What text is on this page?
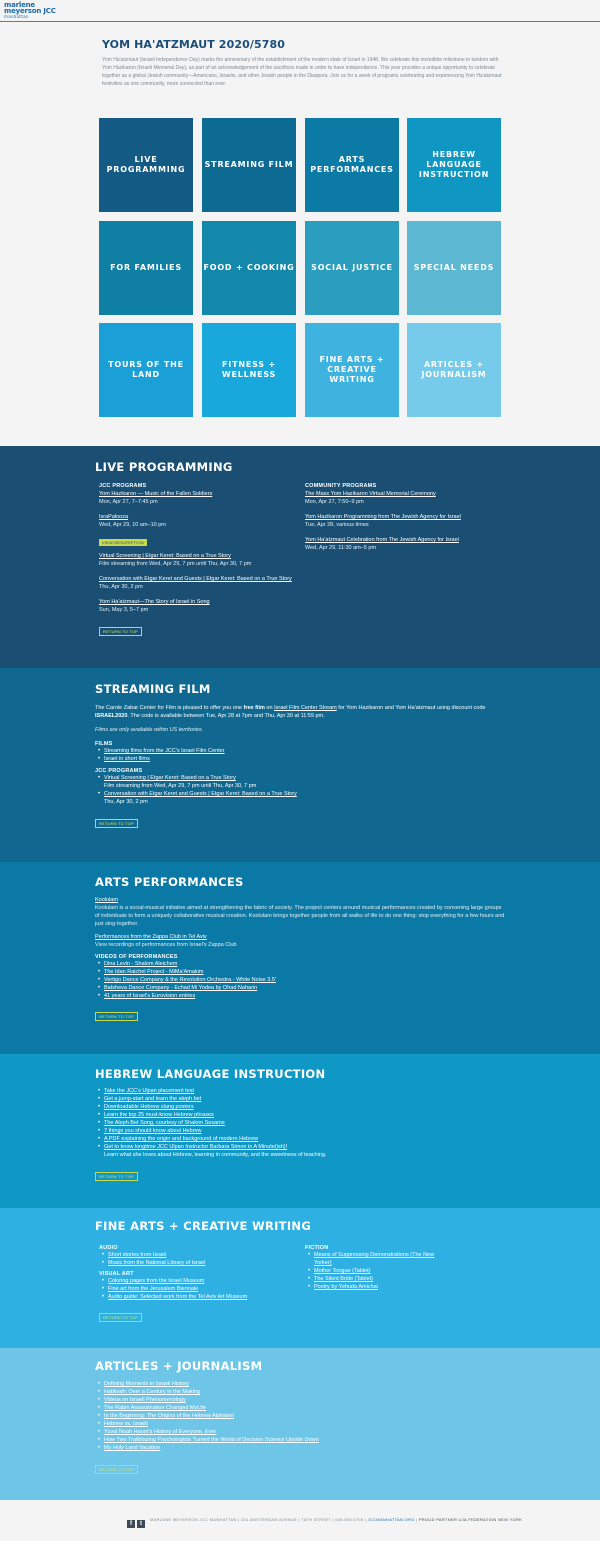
marlene
meyerson JCC
manhattan
YOM HA'ATZMAUT 2020/5780

Yom Ha'atzmaut (Israeli Independence Day) marks the anniversary of the establishment of the modern state of Israel in 1948. We celebrate this incredible milestone in tandem with Yom Hazikaron (Israeli Memorial Day), as part of an acknowledgement of the sacrifices made in order to have independence. This year provides a unique opportunity to celebrate together as a global Jewish community—Americans, Israelis, and other Jewish people in the Diaspora. Join us for a week of programs celebrating and experiencing Yom Ha'atzmaut festivities as one community, more connected than ever.

LIVE PROGRAMMING
STREAMING FILM
ARTS PERFORMANCES
HEBREW LANGUAGE INSTRUCTION
FOR FAMILIES	FOOD + COOKING SOCIAL JUSTICE	SPECIAL NEEDS
TOURS OF THE LAND
FITNESS + WELLNESS
FINE ARTS + CREATIVE WRITING
ARTICLES + JOURNALISM
LIVE PROGRAMMING
JCC PROGRAMS
Yom Hazikaron — Music of the Fallen Soldiers
Mon, Apr 27, 7–7:45 pm
IsraPalooza
Wed, Apr 29, 10 am–10 pm
VIEW DESCRIPTION
Virtual Screening | Etgar Keret: Based on a True Story
Film streaming from Wed, Apr 29, 7 pm until Thu, Apr 30, 7 pm
Conversation with Etgar Keret and Guests | Etgar Keret: Based on a True Story
Thu, Apr 30, 2 pm
Yom Ha'atzmaut—The Story of Israel in Song
Sun, May 3, 5–7 pm
RETURN TO TOP
COMMUNITY PROGRAMS
The Mass Yom Hazikaron Virtual Memorial Ceremony
Mon, Apr 27, 7:50–9 pm
Yom Hazikaron Programming from The Jewish Agency for Israel
Tue, Apr 28, various times
Yom Ha'atzmaut Celebration from The Jewish Agency for Israel
Wed, Apr 29, 11:30 am–5 pm
STREAMING FILM
The Carole Zabar Center for Film is pleased to offer you one free film on Israel Film Center Stream for Yom Hazikaron and Yom Ha'atzmaut using discount code ISRAEL2020. The code is available between Tue, Apr 28 at 7pm and Thu, Apr 30 at 11:59 pm.
Films are only available within US territories.
FILMS
• Streaming films from the JCC's Israel Film Center
• Israel in short films
JCC PROGRAMS
• Virtual Screening | Etgar Keret: Based on a True Story
Film streaming from Wed, Apr 29, 7 pm until Thu, Apr 30, 7 pm
• Conversation with Etgar Keret and Guests | Etgar Keret: Based on a True Story
Thu, Apr 30, 2 pm
RETURN TO TOP
ARTS PERFORMANCES
Koolulam
Koolulam is a social-musical initiative aimed at strengthening the fabric of society. The project centers around musical performances created by convening large groups of individuals to form a uniquely collaborative musical creation. Koolulam brings together people from all walks of life to do one thing: stop everything for a few hours and just sing-together.
Performances from the Zappa Club in Tel Aviv
View recordings of performances from Israel's Zappa Club
VIDEOS OF PERFORMANCES
• Dina Levin - Shalom Aleichem
• The Idan Raichel Project - MiMa'Amakim
• Vertigo Dance Company & the Revolution Orchestra - White Noise 3.5'
• Batsheva Dance Company - Echad Mi Yodea by Ohad Naharin
• 41 years of Israel's Eurovision entries
RETURN TO TOP
HEBREW LANGUAGE INSTRUCTION
• Take the JCC's Ulpan placement test
• Get a jump-start and learn the aleph bet
• Downloadable Hebrew slang posters
• Learn the top 25 must-know Hebrew phrases
• The Aleph Bet Song, courtesy of Shalom Sesame
• 7 things you should know about Hebrew
• A PDF explaining the origin and background of modern Hebrew
• Get to know longtime JCC Ulpan Instructor Barbara Simon in A Minute(ish)!
Learn what she loves about Hebrew, learning in community, and the sweetness of teaching.
RETURN TO TOP
FINE ARTS + CREATIVE WRITING
AUDIO
• Short stories from Israel
• Music from the National Library of Israel
VISUAL ART
• Coloring pages from the Israel Museum
• Fine art from the Jerusalem Biennale
• Audio guide: Selected work from the Tel Aviv Art Museum
RETURN TO TOP
FICTION
• Means of Suppressing Demonstrations (The New Yorker)
• Mother Tongue (Tablet)
• The Silent Bride (Tablet)
• Poetry by Yehuda Amichai
ARTICLES + JOURNALISM
• Defining Moments in Israeli History
• Hatikvah: Over a Century in the Making
• Videos on Israeli Phenomenology
• The Rabin Assassination Changed MyLife
• In the Beginning: The Origins of the Hebrew Alphabet
• Hebrew vs. Israeli
• Yuval Noah Harari's History of Everyone, Ever
• How Two Trailblazing Psychologists Turned the World of Decision Science Upside Down
• My Holy Land Vacation
RETURN TO TOP
f t
MARLENE MEYERSON JCC MANHATTAN | 334 AMSTERDAM AVENUE | 76TH STREET | 646.505.5708 | JCCMANHATTAN.ORG | PROUD PARTNER UJA FEDERATION NEW YORK
